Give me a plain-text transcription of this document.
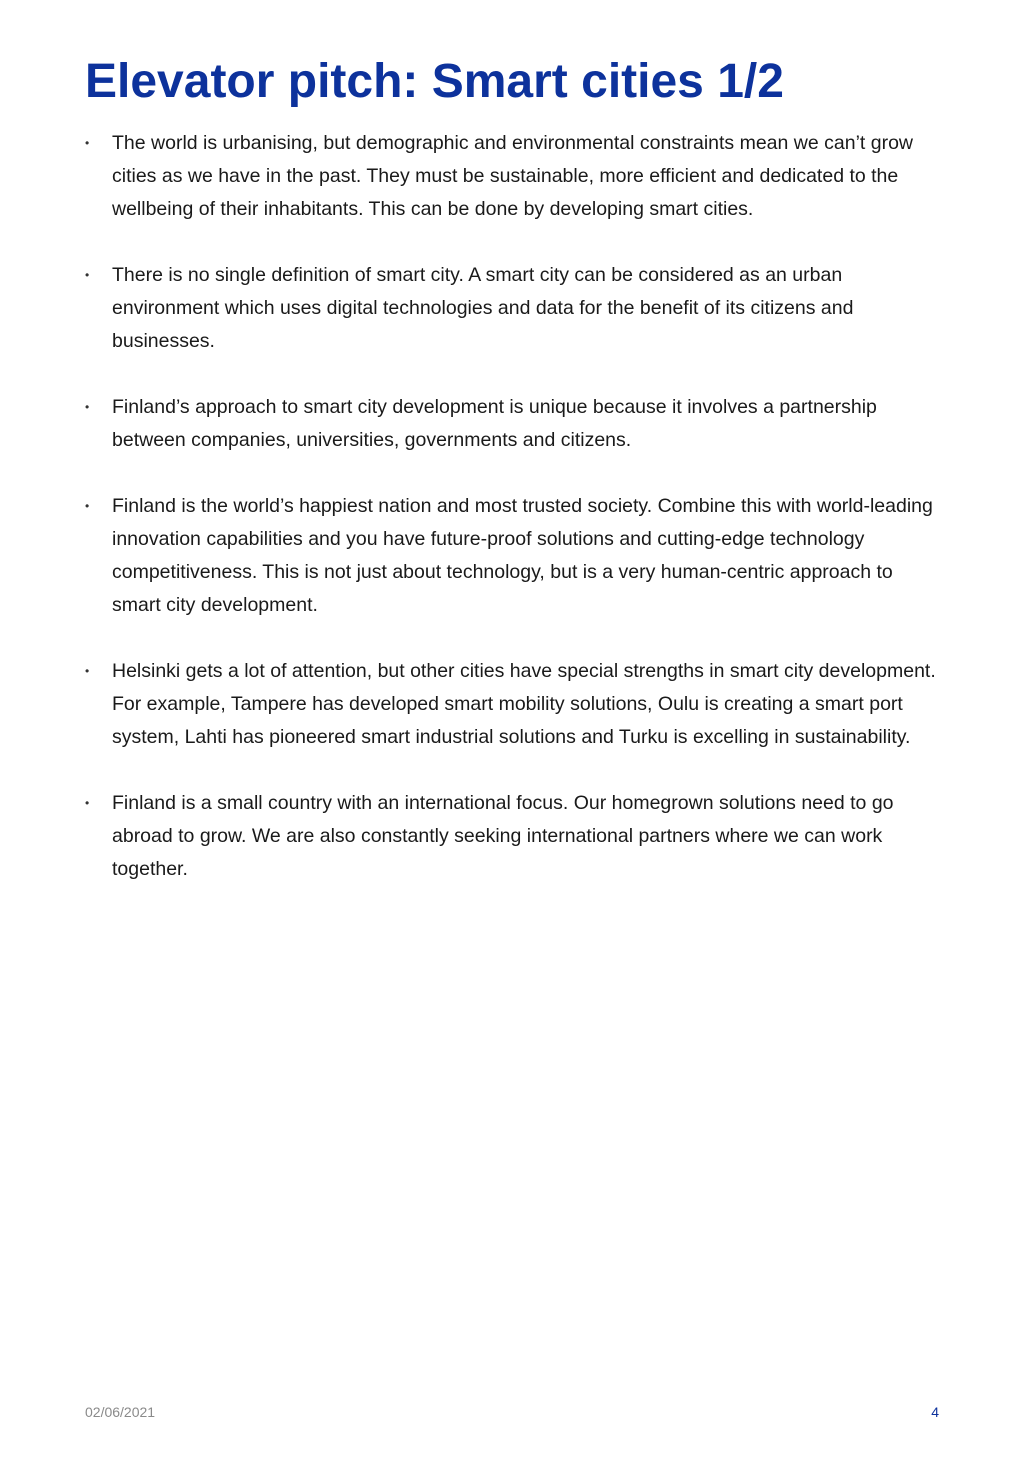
Elevator pitch: Smart cities 1/2
• The world is urbanising, but demographic and environmental constraints mean we can’t grow cities as we have in the past. They must be sustainable, more efficient and dedicated to the wellbeing of their inhabitants. This can be done by developing smart cities.
• There is no single definition of smart city. A smart city can be considered as an urban environment which uses digital technologies and data for the benefit of its citizens and businesses.
• Finland’s approach to smart city development is unique because it involves a partnership between companies, universities, governments and citizens.
• Finland is the world’s happiest nation and most trusted society. Combine this with world-leading innovation capabilities and you have future-proof solutions and cutting-edge technology competitiveness. This is not just about technology, but is a very human-centric approach to smart city development.
• Helsinki gets a lot of attention, but other cities have special strengths in smart city development. For example, Tampere has developed smart mobility solutions, Oulu is creating a smart port system, Lahti has pioneered smart industrial solutions and Turku is excelling in sustainability.
• Finland is a small country with an international focus. Our homegrown solutions need to go abroad to grow. We are also constantly seeking international partners where we can work together.
02/06/2021	4
